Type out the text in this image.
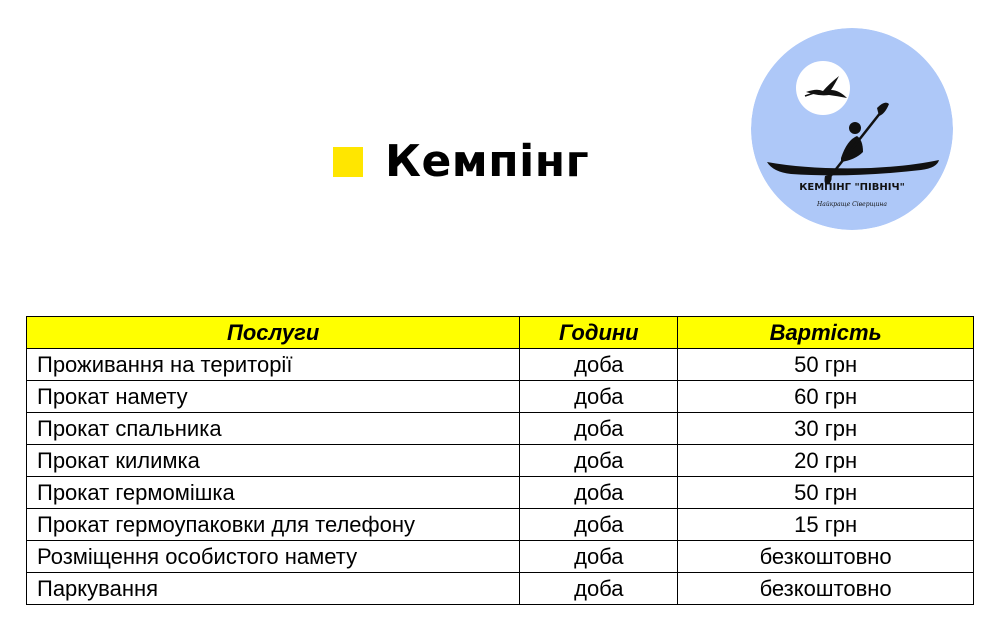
Кемпінг
КЕМПІНГ "ПІВНІЧ"
Найкраще Сіверщина
Послуги	Години	Вартість
Проживання на території	доба	50 грн
Прокат намету	доба	60 грн
Прокат спальника	доба	30 грн
Прокат килимка	доба	20 грн
Прокат гермомішка	доба	50 грн
Прокат гермоупаковки для телефону	доба	15 грн
Розміщення особистого намету	доба	безкоштовно
Паркування	доба	безкоштовно
